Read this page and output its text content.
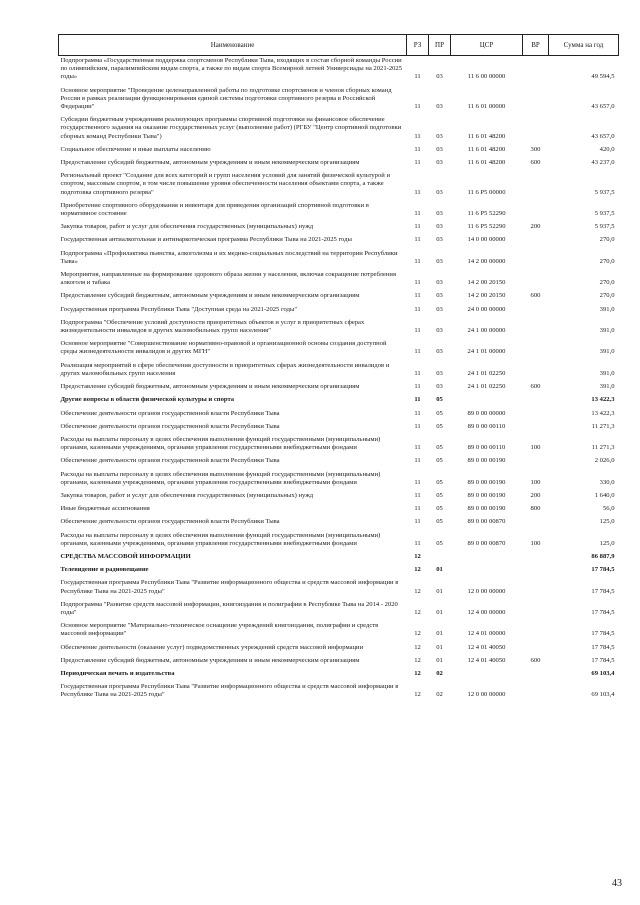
Наименование	РЗ	ПР	ЦСР	ВР	Сумма на год
Подпрограмма «Государственная поддержка спортсменов Республики Тыва, входящих в состав сборной команды России по олимпийским, паралимпийским видам спорта, а также по видам спорта Всемирной летней Универсиады на 2021-2025 годы»	11	03	11 6 00 00000		49 594,5
Основное мероприятие "Проведение целенаправленной работы по подготовке спортсменов и членов сборных команд России в рамках реализации функционирования единой системы подготовки спортивного резерва в Российской Федерации"	11	03	11 6 01 00000		43 657,0
Субсидии бюджетным учреждениям реализующих программы спортивной подготовки на финансовое обеспечение государственного задания на оказание государственных услуг (выполнение работ) (РГБУ "Центр спортивной подготовки сборных команд Республики Тыва")	11	03	11 6 01 48200		43 657,0
Социальное обеспечение и иные выплаты населению	11	03	11 6 01 48200	300	420,0
Предоставление субсидий бюджетным, автономным учреждениям и иным некоммерческим организациям	11	03	11 6 01 48200	600	43 237,0
Региональный проект "Создание для всех категорий и групп населения условий для занятий физической культурой и спортом, массовым спортом, в том числе повышение уровня обеспеченности населения объектами спорта, а также подготовка спортивного резерва"	11	03	11 6 P5 00000		5 937,5
Приобретение спортивного оборудования и инвентаря для приведения организаций спортивной подготовки в нормативное состояние	11	03	11 6 P5 52290		5 937,5
Закупка товаров, работ и услуг для обеспечения государственных (муниципальных) нужд	11	03	11 6 P5 52290	200	5 937,5
Государственная антиалкогольная и антинаркотическая программа Республики Тыва на 2021-2025 годы	11	03	14 0 00 00000		270,0
Подпрограмма «Профилактика пьянства, алкоголизма и их медико-социальных последствий на территории Республики Тыва»	11	03	14 2 00 00000		270,0
Мероприятия, направленные на формирование здорового образа жизни у населения, включая сокращение потребления алкоголя и табака	11	03	14 2 00 20150		270,0
Предоставление субсидий бюджетным, автономным учреждениям и иным некоммерческим организациям	11	03	14 2 00 20150	600	270,0
Государственная программа Республики Тыва "Доступная среда на 2021-2025 годы"	11	03	24 0 00 00000		391,0
Подпрограмма "Обеспечение условий доступности приоритетных объектов и услуг в приоритетных сферах жизнедеятельности инвалидов и других маломобильных групп населения"	11	03	24 1 00 00000		391,0
Основное мероприятие "Совершенствование нормативно-правовой и организационной основы создания доступной среды жизнедеятельности инвалидов и других МГН"	11	03	24 1 01 00000		391,0
Реализация мероприятий в сфере обеспечения доступности в приоритетных сферах жизнедеятельности инвалидов и других маломобильных групп населения	11	03	24 1 01 02250		391,0
Предоставление субсидий бюджетным, автономным учреждениям и иным некоммерческим организациям	11	03	24 1 01 02250	600	391,0
Другие вопросы в области физической культуры и спорта	11	05			13 422,3
Обеспечение деятельности органов государственной власти Республики Тыва	11	05	89 0 00 00000		13 422,3
Обеспечение деятельности органов государственной власти Республики Тыва	11	05	89 0 00 00110		11 271,3
Расходы на выплаты персоналу в целях обеспечения выполнения функций государственными (муниципальными) органами, казенными учреждениями, органами управления государственными внебюджетными фондами	11	05	89 0 00 00110	100	11 271,3
Обеспечение деятельности органов государственной власти Республики Тыва	11	05	89 0 00 00190		2 026,0
Расходы на выплаты персоналу в целях обеспечения выполнения функций государственными (муниципальными) органами, казенными учреждениями, органами управления государственными внебюджетными фондами	11	05	89 0 00 00190	100	330,0
Закупка товаров, работ и услуг для обеспечения государственных (муниципальных) нужд	11	05	89 0 00 00190	200	1 640,0
Иные бюджетные ассигнования	11	05	89 0 00 00190	800	56,0
Обеспечение деятельности органов государственной власти Республики Тыва	11	05	89 0 00 00870		125,0
Расходы на выплаты персоналу в целях обеспечения выполнения функций государственными (муниципальными) органами, казенными учреждениями, органами управления государственными внебюджетными фондами	11	05	89 0 00 00870	100	125,0
СРЕДСТВА МАССОВОЙ ИНФОРМАЦИИ	12				86 887,9
Телевидение и радиовещание	12	01			17 784,5
Государственная программа Республики Тыва "Развитие информационного общества и средств массовой информации в Республике Тыва на 2021-2025 годы"	12	01	12 0 00 00000		17 784,5
Подпрограмма "Развитие средств массовой информации, книгоиздания и полиграфии в Республике Тыва на 2014 - 2020 годы"	12	01	12 4 00 00000		17 784,5
Основное мероприятие "Материально-техническое оснащение учреждений книгоиздания, полиграфии и средств массовой информации"	12	01	12 4 01 00000		17 784,5
Обеспечение деятельности (оказание услуг) подведомственных учреждений средств массовой информации	12	01	12 4 01 40050		17 784,5
Предоставление субсидий бюджетным, автономным учреждениям и иным некоммерческим организациям	12	01	12 4 01 40050	600	17 784,5
Периодическая печать и издательства	12	02			69 103,4
Государственная программа Республики Тыва "Развитие информационного общества и средств массовой информации в Республике Тыва на 2021-2025 годы"	12	02	12 0 00 00000		69 103,4
43
